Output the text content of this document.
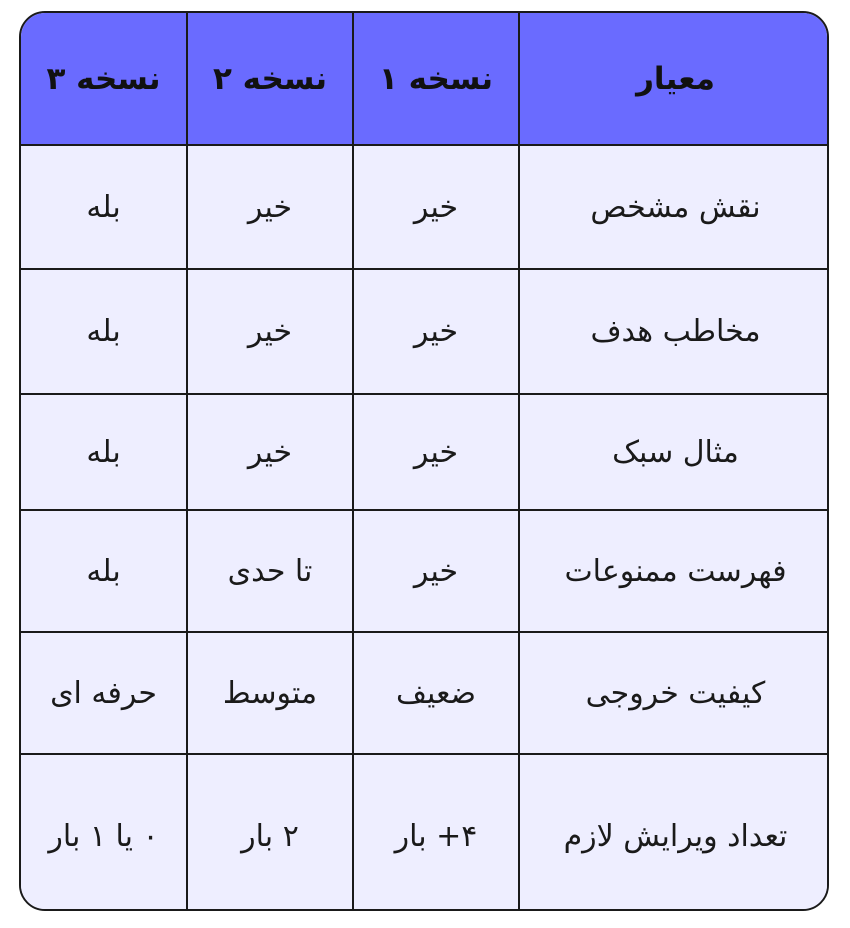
معیار	نسخه ۱	نسخه ۲	نسخه ۳
نقش مشخص	خیر	خیر	بله
مخاطب هدف	خیر	خیر	بله
مثال سبک	خیر	خیر	بله
فهرست ممنوعات	خیر	تا حدی	بله
کیفیت خروجی	ضعیف	متوسط	حرفه ای
تعداد ویرایش لازم	۴+ بار	۲ بار	۰ یا ۱ بار
